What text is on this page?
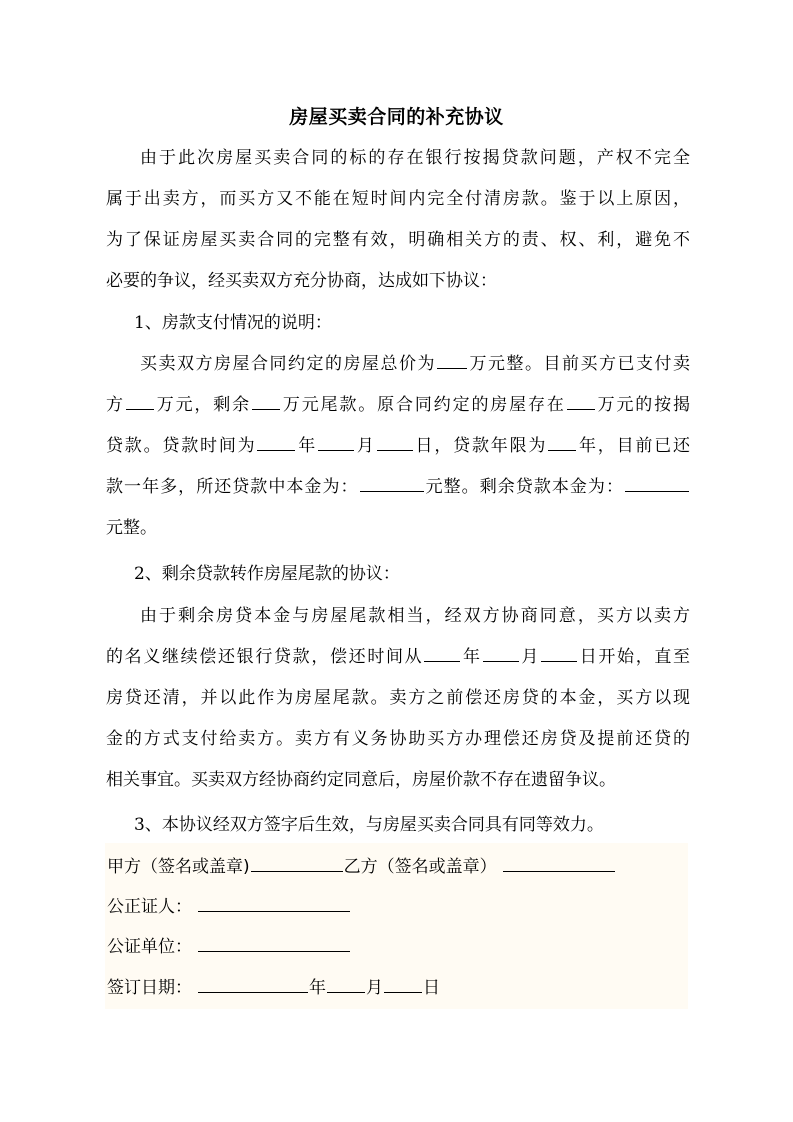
房屋买卖合同的补充协议
由于此次房屋买卖合同的标的存在银行按揭贷款问题，产权不完全
属于出卖方，而买方又不能在短时间内完全付清房款。鉴于以上原因，
为了保证房屋买卖合同的完整有效，明确相关方的责、权、利，避免不
必要的争议，经买卖双方充分协商，达成如下协议：
1、房款支付情况的说明：
买卖双方房屋合同约定的房屋总价为 万元整。目前买方已支付卖
方 万元，剩余 万元尾款。原合同约定的房屋存在 万元的按揭
贷款。贷款时间为 年 月 日，贷款年限为 年，目前已还
款一年多，所还贷款中本金为：	元整。剩余贷款本金为：
元整。
2、剩余贷款转作房屋尾款的协议：
由于剩余房贷本金与房屋尾款相当，经双方协商同意，买方以卖方
的名义继续偿还银行贷款，偿还时间从 年 月 日开始，直至
房贷还清，并以此作为房屋尾款。卖方之前偿还房贷的本金，买方以现
金的方式支付给卖方。卖方有义务协助买方办理偿还房贷及提前还贷的
相关事宜。买卖双方经协商约定同意后，房屋价款不存在遗留争议。
3、本协议经双方签字后生效，与房屋买卖合同具有同等效力。
甲方（签名或盖章)	乙方（签名或盖章）
公正证人：
公证单位：
签订日期：	年 月 日
